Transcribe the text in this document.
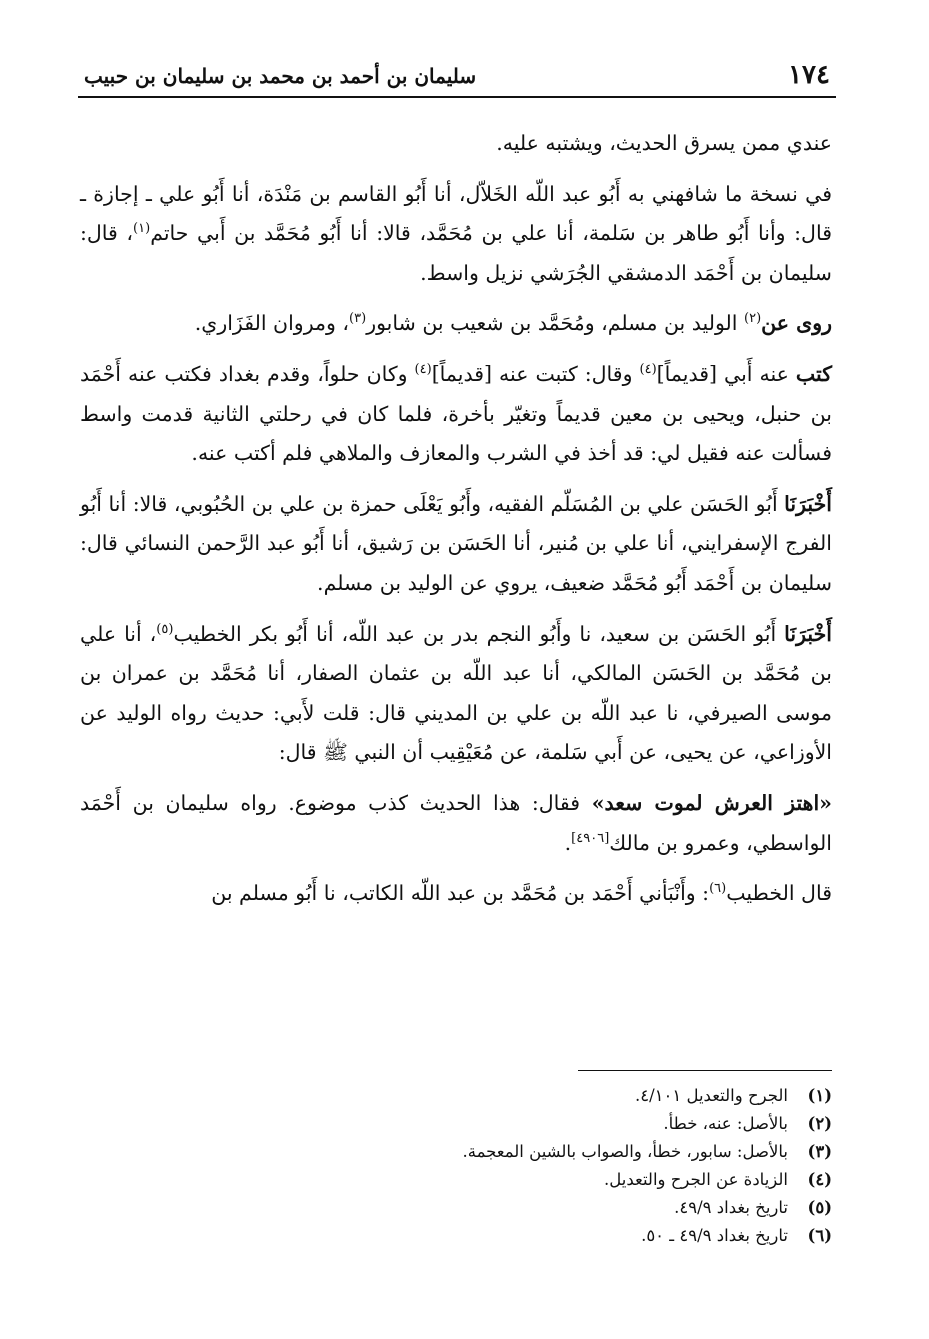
١٧٤
سليمان بن أحمد بن محمد بن سليمان بن حبيب

عندي ممن يسرق الحديث، ويشتبه عليه.

في نسخة ما شافهني به أَبُو عبد اللّه الخَلاّل، أنا أَبُو القاسم بن مَنْدَة، أنا أَبُو علي ـ إجازة ـ قال: وأنا أَبُو طاهر بن سَلمة، أنا علي بن مُحَمَّد، قالا: أنا أَبُو مُحَمَّد بن أَبي حاتم$^{(١)}$، قال: سليمان بن أَحْمَد الدمشقي الجُرَشي نزيل واسط.

روى عن$^{(٢)}$ الوليد بن مسلم، ومُحَمَّد بن شعيب بن شابور$^{(٣)}$، ومروان الفَزَاري.

كتب عنه أَبي [قديماً]$^{(٤)}$ وقال: كتبت عنه [قديماً]$^{(٤)}$ وكان حلواً، وقدم بغداد فكتب عنه أَحْمَد بن حنبل، ويحيى بن معين قديماً وتغيّر بأخرة، فلما كان في رحلتي الثانية قدمت واسط فسألت عنه فقيل لي: قد أخذ في الشرب والمعازف والملاهي فلم أكتب عنه.

أَخْبَرَنَا أَبُو الحَسَن علي بن المُسَلّم الفقيه، وأَبُو يَعْلَى حمزة بن علي بن الحُبُوبي، قالا: أنا أَبُو الفرج الإسفرايني، أنا علي بن مُنير، أنا الحَسَن بن رَشيق، أنا أَبُو عبد الرَّحمن النسائي قال: سليمان بن أَحْمَد أَبُو مُحَمَّد ضعيف، يروي عن الوليد بن مسلم.

أَخْبَرَنَا أَبُو الحَسَن بن سعيد، نا وأَبُو النجم بدر بن عبد اللّه، أنا أَبُو بكر الخطيب$^{(٥)}$، أنا علي بن مُحَمَّد بن الحَسَن المالكي، أنا عبد اللّه بن عثمان الصفار، أنا مُحَمَّد بن عمران بن موسى الصيرفي، نا عبد اللّه بن علي بن المديني قال: قلت لأَبي: حديث رواه الوليد عن الأوزاعي، عن يحيى، عن أَبي سَلمة، عن مُعَيْقِيب أن النبي ﷺ قال:

«اهتز العرش لموت سعد» فقال: هذا الحديث كذب موضوع. رواه سليمان بن أَحْمَد الواسطي، وعمرو بن مالك[٤٩٠٦].

قال الخطيب$^{(٦)}$: وأَنْبَأني أَحْمَد بن مُحَمَّد بن عبد اللّه الكاتب، نا أَبُو مسلم بن

(١)الجرح والتعديل ٤/١٠١.
(٢)بالأصل: عنه، خطأ.
(٣)بالأصل: سابور، خطأ، والصواب بالشين المعجمة.
(٤)الزيادة عن الجرح والتعديل.
(٥)تاريخ بغداد ٤٩/٩.
(٦)تاريخ بغداد ٤٩/٩ ـ ٥٠.
